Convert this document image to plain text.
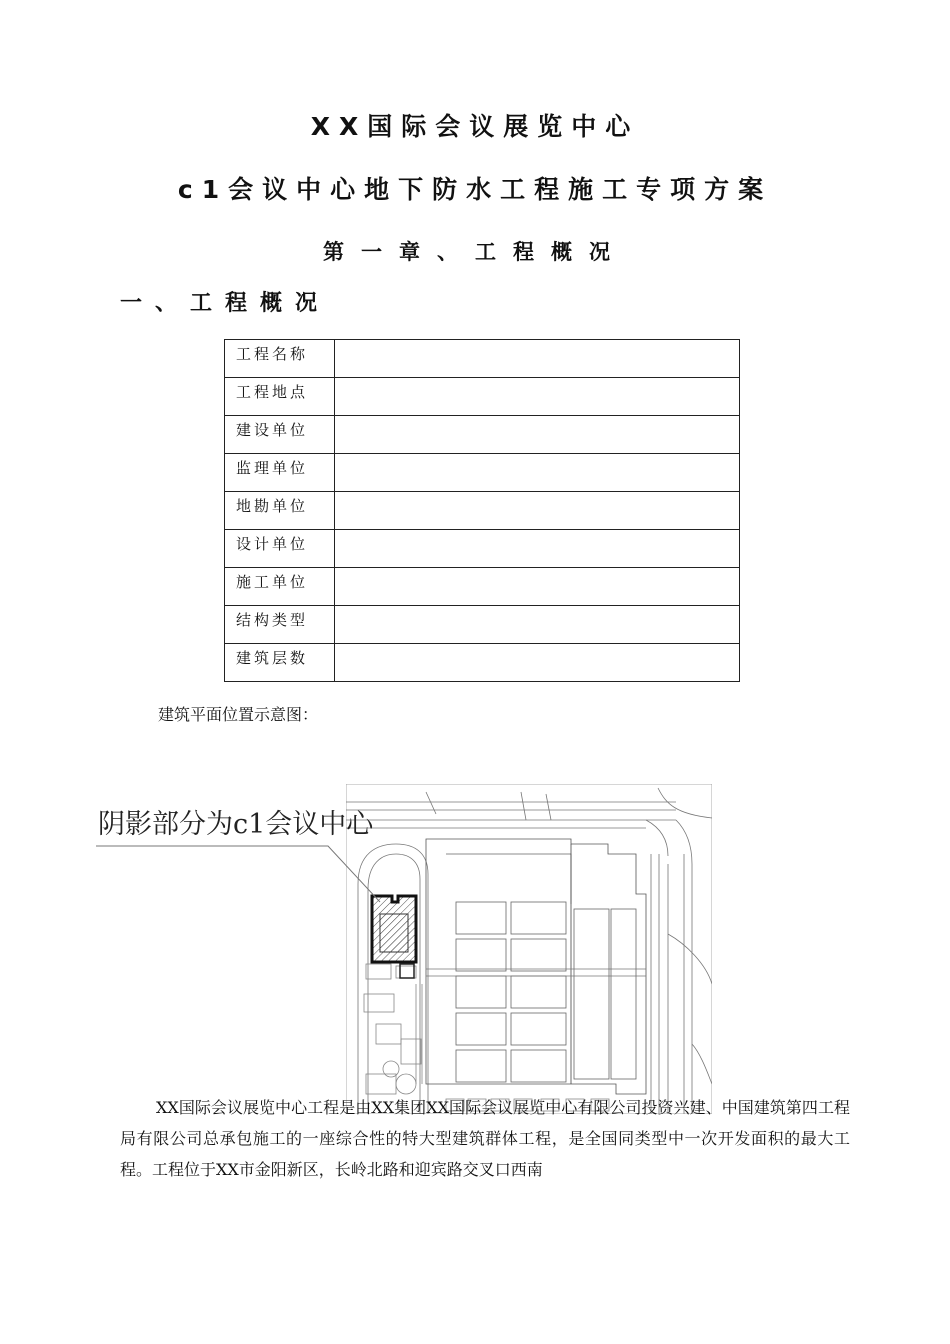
XX国际会议展览中心
c1会议中心地下防水工程施工专项方案
第一章、工程概况
一、工程概况
工程名称	
工程地点	
建设单位	
监理单位	
地勘单位	
设计单位	
施工单位	
结构类型	
建筑层数	

建筑平面位置示意图：

阴影部分为c1会议中心

XX国际会议展览中心工程是由XX集团XX国际会议展览中心有限公司投资兴建、中国建筑第四工程局有限公司总承包施工的一座综合性的特大型建筑群体工程，是全国同类型中一次开发面积的最大工程。工程位于XX市金阳新区，长岭北路和迎宾路交叉口西南
